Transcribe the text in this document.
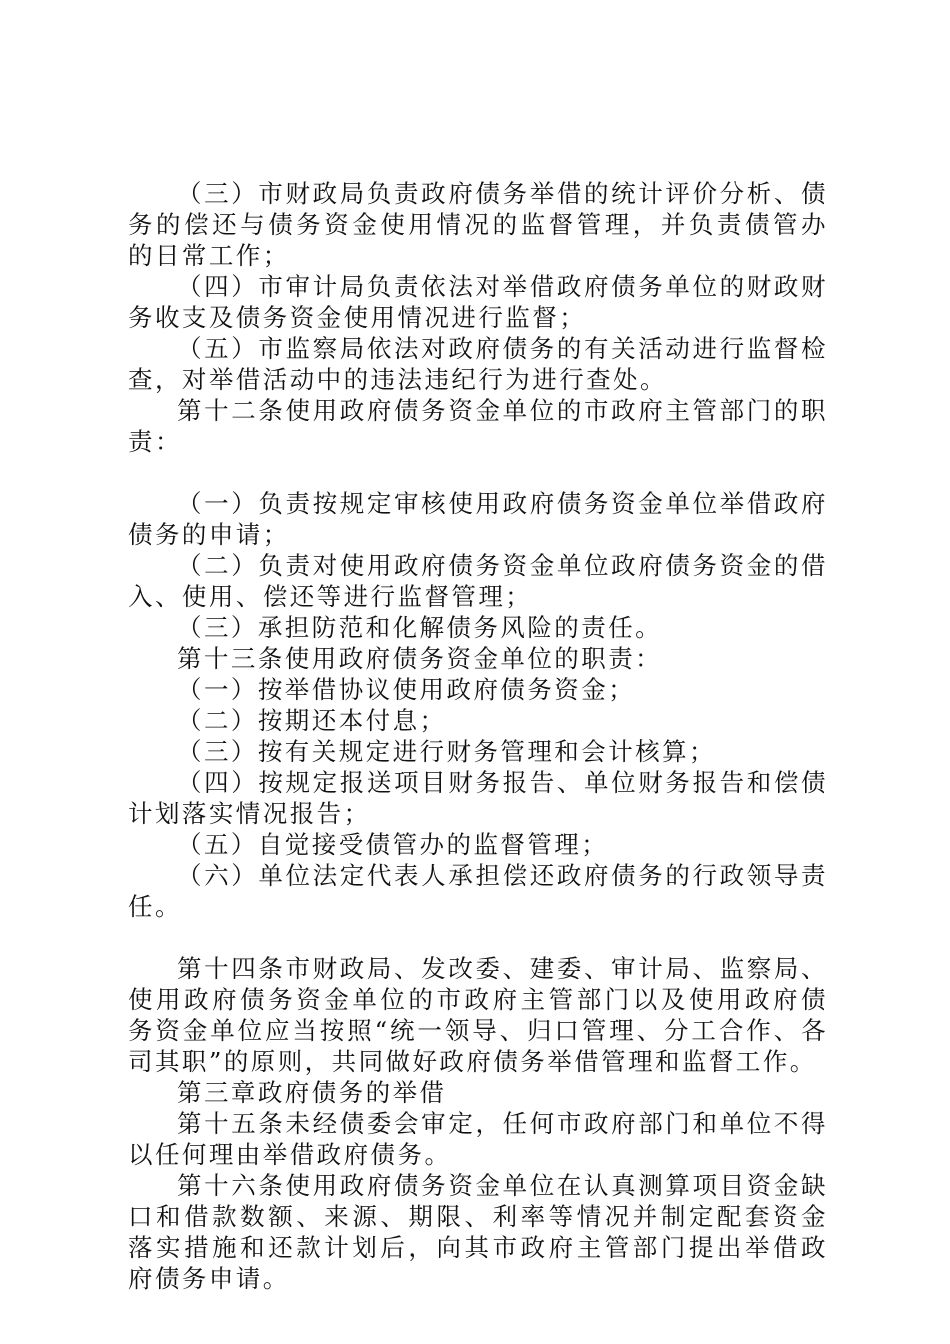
（三）市财政局负责政府债务举借的统计评价分析、债务的偿还与债务资金使用情况的监督管理，并负责债管办的日常工作；

（四）市审计局负责依法对举借政府债务单位的财政财务收支及债务资金使用情况进行监督；

（五）市监察局依法对政府债务的有关活动进行监督检查，对举借活动中的违法违纪行为进行查处。

第十二条使用政府债务资金单位的市政府主管部门的职责：

（一）负责按规定审核使用政府债务资金单位举借政府债务的申请；

（二）负责对使用政府债务资金单位政府债务资金的借入、使用、偿还等进行监督管理；

（三）承担防范和化解债务风险的责任。

第十三条使用政府债务资金单位的职责：

（一）按举借协议使用政府债务资金；

（二）按期还本付息；

（三）按有关规定进行财务管理和会计核算；

（四）按规定报送项目财务报告、单位财务报告和偿债计划落实情况报告；

（五）自觉接受债管办的监督管理；

（六）单位法定代表人承担偿还政府债务的行政领导责任。

第十四条市财政局、发改委、建委、审计局、监察局、使用政府债务资金单位的市政府主管部门以及使用政府债务资金单位应当按照“统一领导、归口管理、分工合作、各司其职”的原则，共同做好政府债务举借管理和监督工作。

第三章政府债务的举借

第十五条未经债委会审定，任何市政府部门和单位不得以任何理由举借政府债务。

第十六条使用政府债务资金单位在认真测算项目资金缺口和借款数额、来源、期限、利率等情况并制定配套资金落实措施和还款计划后，向其市政府主管部门提出举借政府债务申请。
